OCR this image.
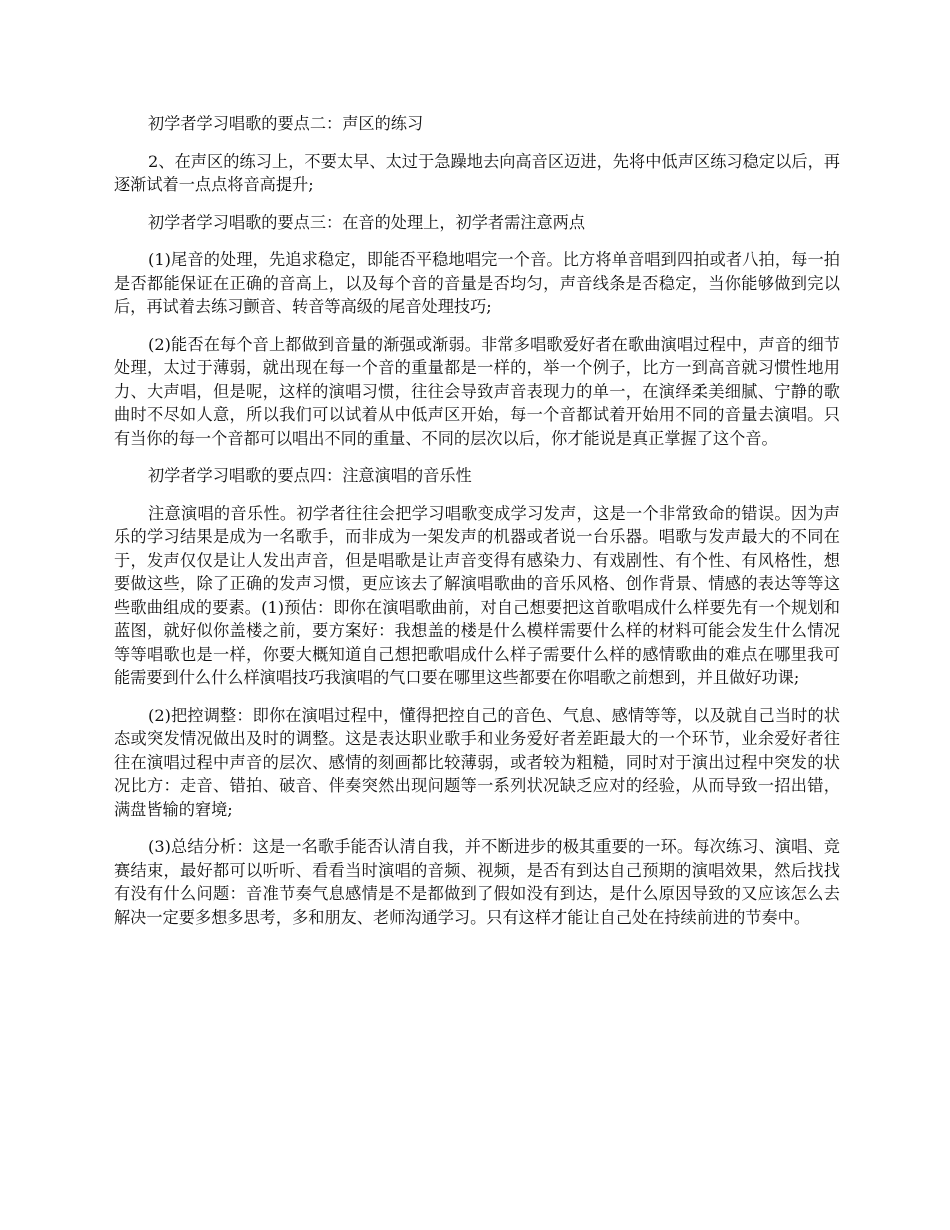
初学者学习唱歌的要点二：声区的练习

2、在声区的练习上，不要太早、太过于急躁地去向高音区迈进，先将中低声区练习稳定以后，再逐渐试着一点点将音高提升;

初学者学习唱歌的要点三：在音的处理上，初学者需注意两点

(1)尾音的处理，先追求稳定，即能否平稳地唱完一个音。比方将单音唱到四拍或者八拍，每一拍是否都能保证在正确的音高上，以及每个音的音量是否均匀，声音线条是否稳定，当你能够做到完以后，再试着去练习颤音、转音等高级的尾音处理技巧;

(2)能否在每个音上都做到音量的渐强或渐弱。非常多唱歌爱好者在歌曲演唱过程中，声音的细节处理，太过于薄弱，就出现在每一个音的重量都是一样的，举一个例子，比方一到高音就习惯性地用力、大声唱，但是呢，这样的演唱习惯，往往会导致声音表现力的单一，在演绎柔美细腻、宁静的歌曲时不尽如人意，所以我们可以试着从中低声区开始，每一个音都试着开始用不同的音量去演唱。只有当你的每一个音都可以唱出不同的重量、不同的层次以后，你才能说是真正掌握了这个音。

初学者学习唱歌的要点四：注意演唱的音乐性

注意演唱的音乐性。初学者往往会把学习唱歌变成学习发声，这是一个非常致命的错误。因为声乐的学习结果是成为一名歌手，而非成为一架发声的机器或者说一台乐器。唱歌与发声最大的不同在于，发声仅仅是让人发出声音，但是唱歌是让声音变得有感染力、有戏剧性、有个性、有风格性，想要做这些，除了正确的发声习惯，更应该去了解演唱歌曲的音乐风格、创作背景、情感的表达等等这些歌曲组成的要素。(1)预估：即你在演唱歌曲前，对自己想要把这首歌唱成什么样要先有一个规划和蓝图，就好似你盖楼之前，要方案好：我想盖的楼是什么模样需要什么样的材料可能会发生什么情况等等唱歌也是一样，你要大概知道自己想把歌唱成什么样子需要什么样的感情歌曲的难点在哪里我可能需要到什么什么样演唱技巧我演唱的气口要在哪里这些都要在你唱歌之前想到，并且做好功课;

(2)把控调整：即你在演唱过程中，懂得把控自己的音色、气息、感情等等，以及就自己当时的状态或突发情况做出及时的调整。这是表达职业歌手和业务爱好者差距最大的一个环节，业余爱好者往往在演唱过程中声音的层次、感情的刻画都比较薄弱，或者较为粗糙，同时对于演出过程中突发的状况比方：走音、错拍、破音、伴奏突然出现问题等一系列状况缺乏应对的经验，从而导致一招出错，满盘皆输的窘境;

(3)总结分析：这是一名歌手能否认清自我，并不断进步的极其重要的一环。每次练习、演唱、竞赛结束，最好都可以听听、看看当时演唱的音频、视频，是否有到达自己预期的演唱效果，然后找找有没有什么问题：音准节奏气息感情是不是都做到了假如没有到达，是什么原因导致的又应该怎么去解决一定要多想多思考，多和朋友、老师沟通学习。只有这样才能让自己处在持续前进的节奏中。
